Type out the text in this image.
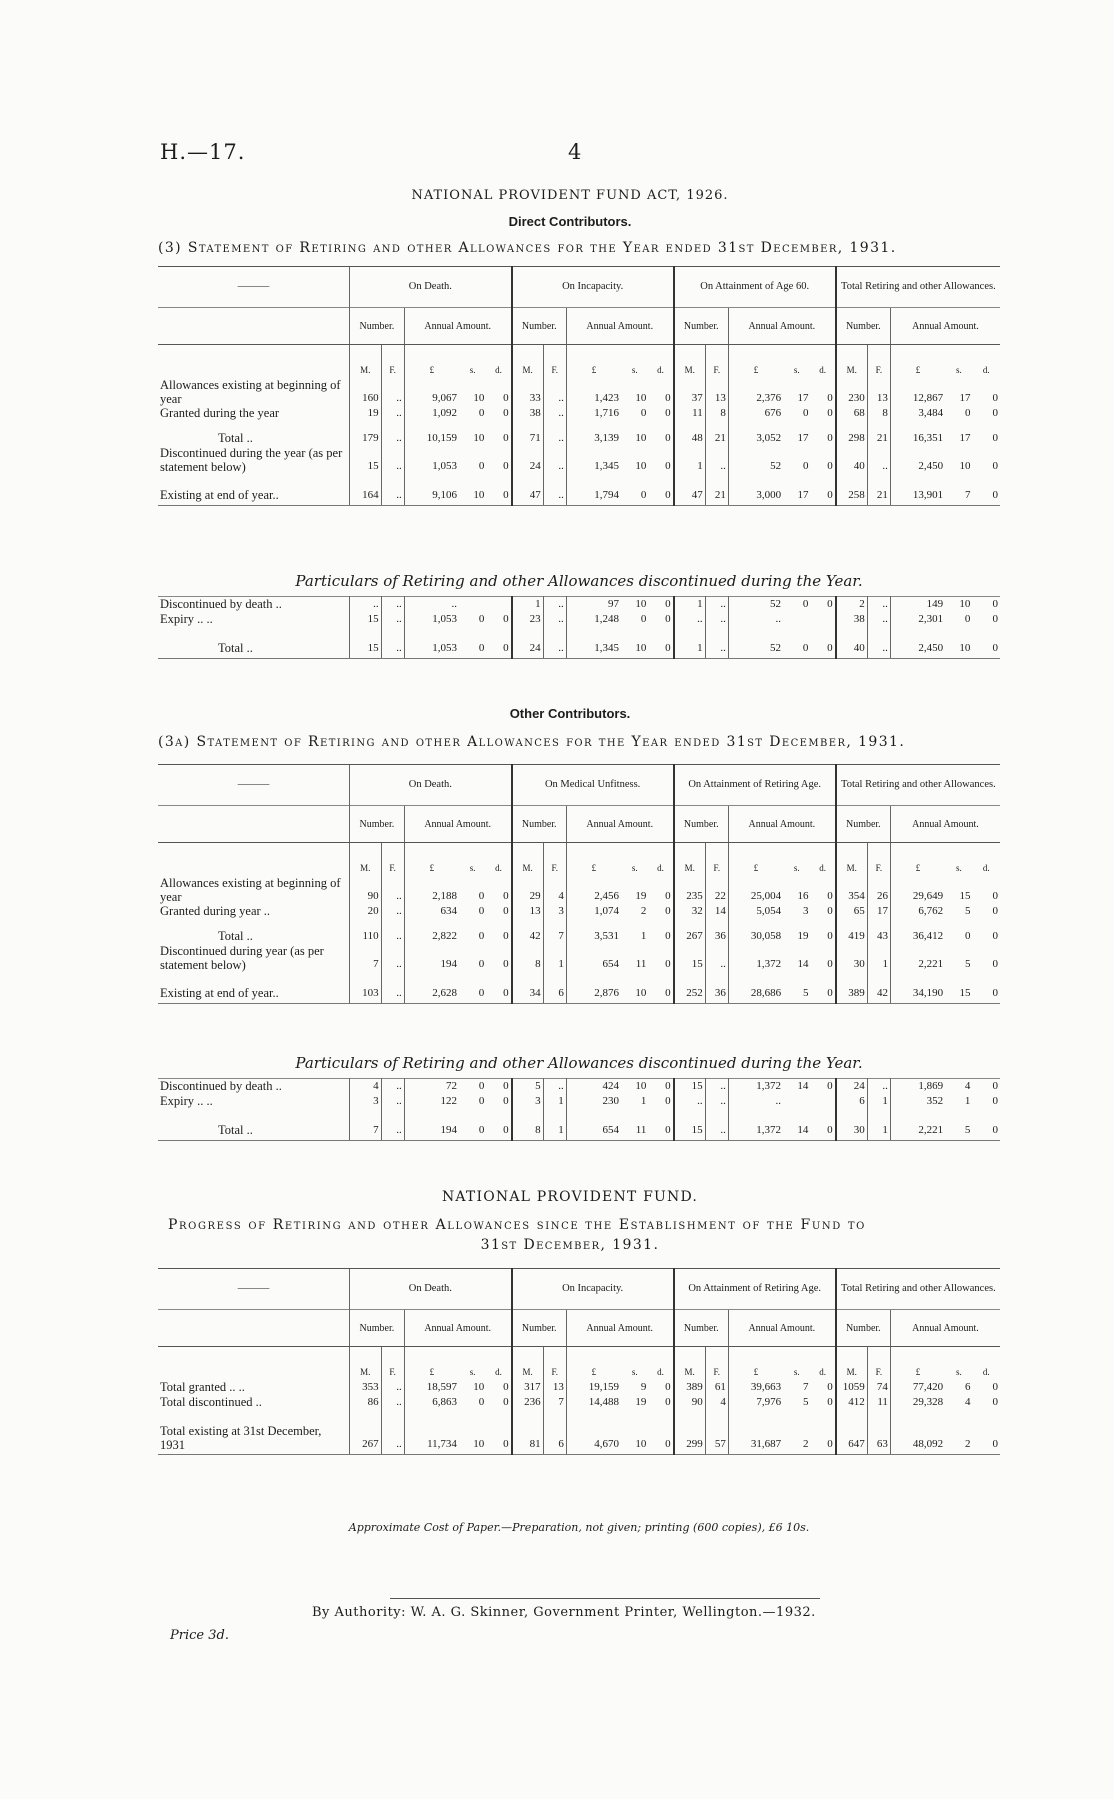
H.—17.	4
NATIONAL PROVIDENT FUND ACT, 1926.
Direct Contributors.
(3) Statement of Retiring and other Allowances for the Year ended 31st December, 1931.
———	On Death.					On Incapacity.					On Attainment of Age 60.					Total Retiring and other Allowances.				
	Number.		Annual Amount.			Number.		Annual Amount.			Number.		Annual Amount.			Number.		Annual Amount.		
	M.	F.	£	s.	d.	M.	F.	£	s.	d.	M.	F.	£	s.	d.	M.	F.	£	s.	d.
Allowances existing at beginning of year	160	..	9,067	10	0	33	..	1,423	10	0	37	13	2,376	17	0	230	13	12,867	17	0
Granted during the year	19	..	1,092	0	0	38	..	1,716	0	0	11	8	676	0	0	68	8	3,484	0	0
Total ..	179	..	10,159	10	0	71	..	3,139	10	0	48	21	3,052	17	0	298	21	16,351	17	0
Discontinued during the year (as per statement below)	15	..	1,053	0	0	24	..	1,345	10	0	1	..	52	0	0	40	..	2,450	10	0
Existing at end of year..	164	..	9,106	10	0	47	..	1,794	0	0	47	21	3,000	17	0	258	21	13,901	7	0
Particulars of Retiring and other Allowances discontinued during the Year.
Discontinued by death ..	..	..	..			1	..	97	10	0	1	..	52	0	0	2	..	149	10	0
Expiry .. ..	15	..	1,053	0	0	23	..	1,248	0	0	..	..	..			38	..	2,301	0	0
Total ..	15	..	1,053	0	0	24	..	1,345	10	0	1	..	52	0	0	40	..	2,450	10	0
Other Contributors.
(3a) Statement of Retiring and other Allowances for the Year ended 31st December, 1931.
———	On Death.					On Medical Unfitness.					On Attainment of Retiring Age.					Total Retiring and other Allowances.				
	Number.		Annual Amount.			Number.		Annual Amount.			Number.		Annual Amount.			Number.		Annual Amount.		
	M.	F.	£	s.	d.	M.	F.	£	s.	d.	M.	F.	£	s.	d.	M.	F.	£	s.	d.
Allowances existing at beginning of year	90	..	2,188	0	0	29	4	2,456	19	0	235	22	25,004	16	0	354	26	29,649	15	0
Granted during year ..	20	..	634	0	0	13	3	1,074	2	0	32	14	5,054	3	0	65	17	6,762	5	0
Total ..	110	..	2,822	0	0	42	7	3,531	1	0	267	36	30,058	19	0	419	43	36,412	0	0
Discontinued during year (as per statement below)	7	..	194	0	0	8	1	654	11	0	15	..	1,372	14	0	30	1	2,221	5	0
Existing at end of year..	103	..	2,628	0	0	34	6	2,876	10	0	252	36	28,686	5	0	389	42	34,190	15	0
Particulars of Retiring and other Allowances discontinued during the Year.
Discontinued by death ..	4	..	72	0	0	5	..	424	10	0	15	..	1,372	14	0	24	..	1,869	4	0
Expiry .. ..	3	..	122	0	0	3	1	230	1	0	..	..	..			6	1	352	1	0
Total ..	7	..	194	0	0	8	1	654	11	0	15	..	1,372	14	0	30	1	2,221	5	0
NATIONAL PROVIDENT FUND.
Progress of Retiring and other Allowances since the Establishment of the Fund to
31st December, 1931.
———	On Death.					On Incapacity.					On Attainment of Retiring Age.					Total Retiring and other Allowances.				
	Number.		Annual Amount.			Number.		Annual Amount.			Number.		Annual Amount.			Number.		Annual Amount.		
	M.	F.	£	s.	d.	M.	F.	£	s.	d.	M.	F.	£	s.	d.	M.	F.	£	s.	d.
Total granted .. ..	353	..	18,597	10	0	317	13	19,159	9	0	389	61	39,663	7	0	1059	74	77,420	6	0
Total discontinued ..	86	..	6,863	0	0	236	7	14,488	19	0	90	4	7,976	5	0	412	11	29,328	4	0
Total existing at 31st December, 1931	267	..	11,734	10	0	81	6	4,670	10	0	299	57	31,687	2	0	647	63	48,092	2	0
Approximate Cost of Paper.—Preparation, not given; printing (600 copies), £6 10s.
By Authority: W. A. G. Skinner, Government Printer, Wellington.—1932.
Price 3d.
